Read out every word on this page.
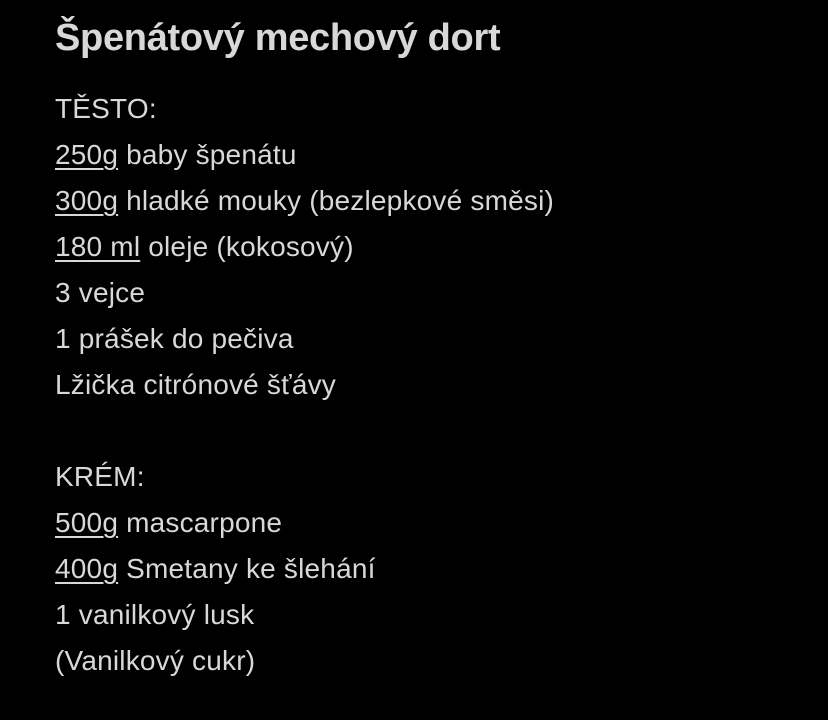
Špenátový mechový dort

TĚSTO:

250g baby špenátu

300g hladké mouky (bezlepkové směsi)

180 ml oleje (kokosový)

3 vejce

1 prášek do pečiva

Lžička citrónové šťávy

KRÉM:

500g mascarpone

400g Smetany ke šlehání

1 vanilkový lusk

(Vanilkový cukr)
